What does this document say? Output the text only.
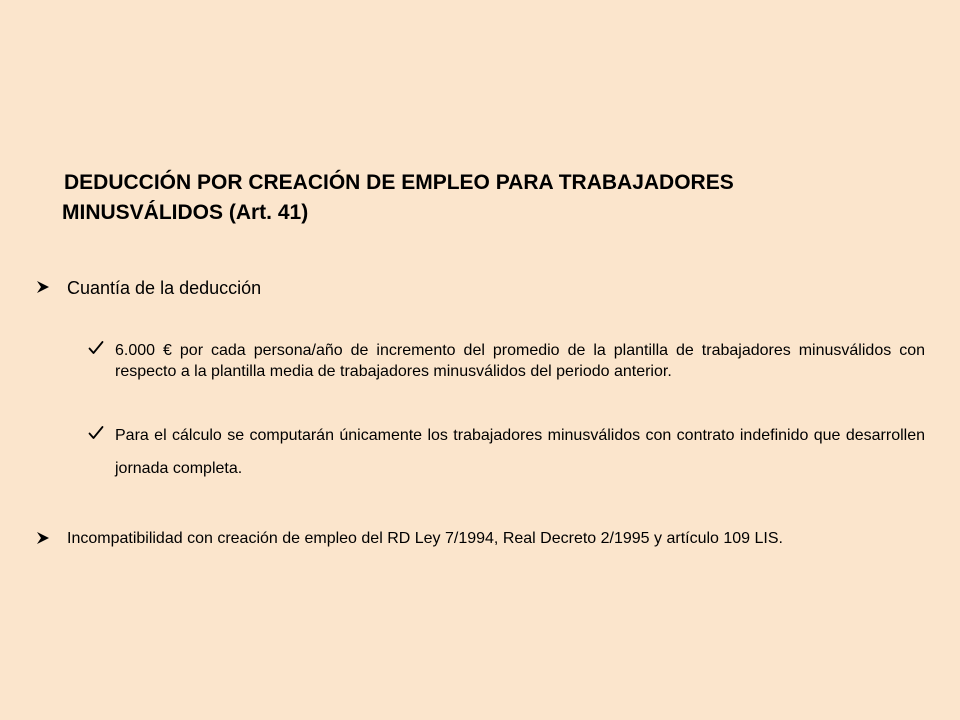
DEDUCCIÓN POR CREACIÓN DE EMPLEO PARA TRABAJADORES
MINUSVÁLIDOS (Art. 41)
Cuantía de la deducción
6.000 € por cada persona/año de incremento del promedio de la plantilla de trabajadores minusválidos con respecto a la plantilla media de trabajadores minusválidos del periodo anterior.
Para el cálculo se computarán únicamente los trabajadores minusválidos con contrato indefinido que desarrollen jornada completa.
Incompatibilidad con creación de empleo del RD Ley 7/1994, Real Decreto 2/1995 y artículo 109 LIS.
